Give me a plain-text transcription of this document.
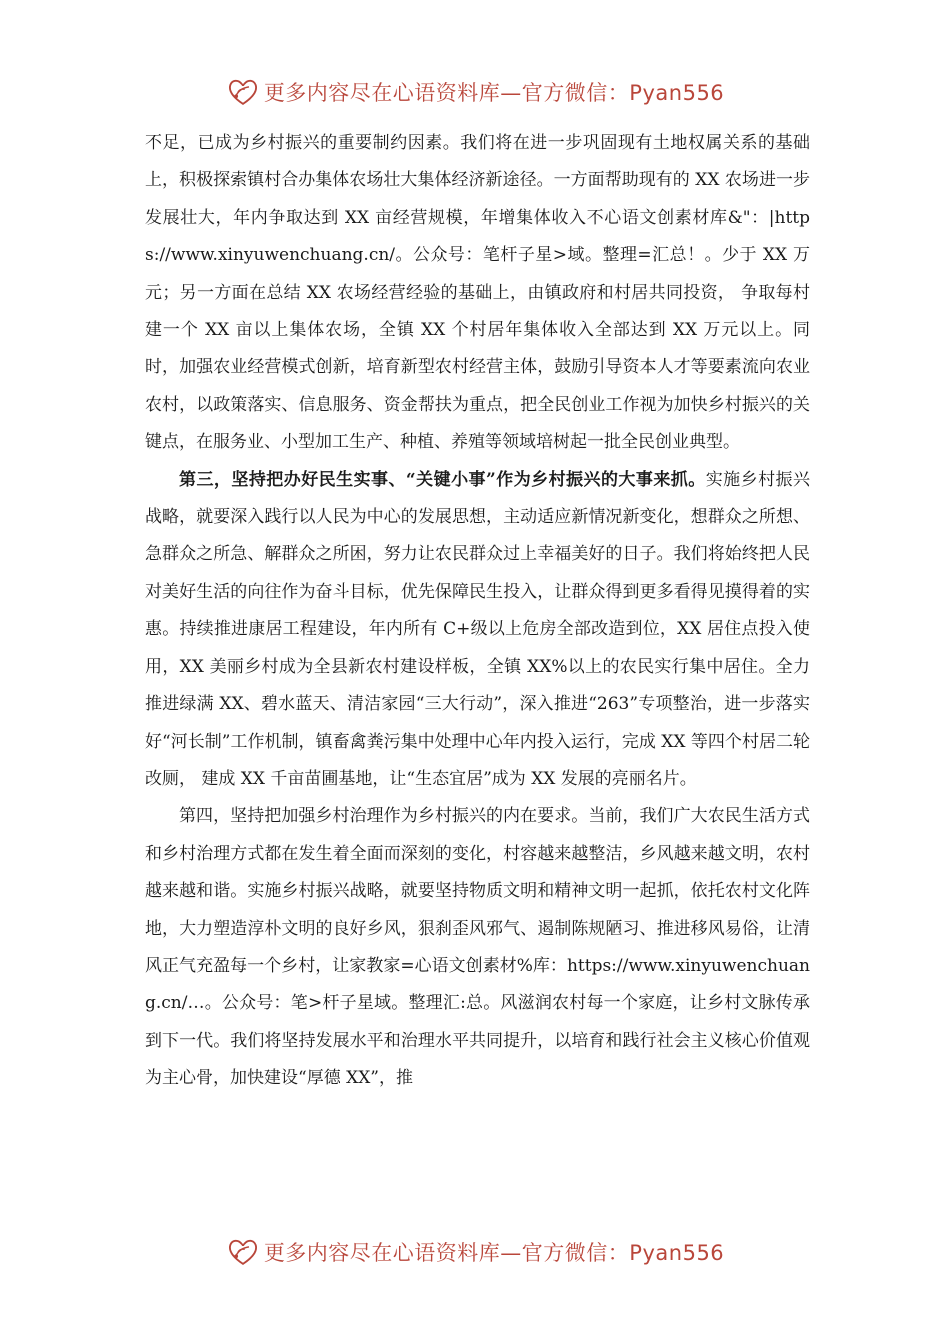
更多内容尽在心语资料库—官方微信：Pyan556

不足，已成为乡村振兴的重要制约因素。我们将在进一步巩固现有土地权属关系的基础上，积极探索镇村合办集体农场壮大集体经济新途径。一方面帮助现有的 XX 农场进一步发展壮大，年内争取达到 XX 亩经营规模，年增集体收入不心语文创素材库&"：|https://www.xinyuwenchuang.cn/。公众号：笔杆子星>域。整理=汇总！。少于 XX 万元；另一方面在总结 XX 农场经营经验的基础上，由镇政府和村居共同投资， 争取每村建一个 XX 亩以上集体农场，全镇 XX 个村居年集体收入全部达到 XX 万元以上。同时，加强农业经营模式创新，培育新型农村经营主体，鼓励引导资本人才等要素流向农业农村，以政策落实、信息服务、资金帮扶为重点，把全民创业工作视为加快乡村振兴的关键点，在服务业、小型加工生产、种植、养殖等领域培树起一批全民创业典型。

第三，坚持把办好民生实事、“关键小事”作为乡村振兴的大事来抓。实施乡村振兴战略，就要深入践行以人民为中心的发展思想，主动适应新情况新变化，想群众之所想、急群众之所急、解群众之所困，努力让农民群众过上幸福美好的日子。我们将始终把人民对美好生活的向往作为奋斗目标，优先保障民生投入，让群众得到更多看得见摸得着的实惠。持续推进康居工程建设，年内所有 C+级以上危房全部改造到位，XX 居住点投入使用，XX 美丽乡村成为全县新农村建设样板，全镇 XX%以上的农民实行集中居住。全力推进绿满 XX、碧水蓝天、清洁家园“三大行动”，深入推进“263”专项整治，进一步落实好“河长制”工作机制，镇畜禽粪污集中处理中心年内投入运行，完成 XX 等四个村居二轮改厕， 建成 XX 千亩苗圃基地，让“生态宜居”成为 XX 发展的亮丽名片。

第四，坚持把加强乡村治理作为乡村振兴的内在要求。当前，我们广大农民生活方式和乡村治理方式都在发生着全面而深刻的变化，村容越来越整洁，乡风越来越文明，农村越来越和谐。实施乡村振兴战略，就要坚持物质文明和精神文明一起抓，依托农村文化阵地，大力塑造淳朴文明的良好乡风，狠刹歪风邪气、遏制陈规陋习、推进移风易俗，让清风正气充盈每一个乡村，让家教家=心语文创素材%库：https://www.xinyuwenchuang.cn/…。公众号：笔>杆子星域。整理汇:总。风滋润农村每一个家庭，让乡村文脉传承到下一代。我们将坚持发展水平和治理水平共同提升，以培育和践行社会主义核心价值观为主心骨，加快建设“厚德 XX”，推

更多内容尽在心语资料库—官方微信：Pyan556
